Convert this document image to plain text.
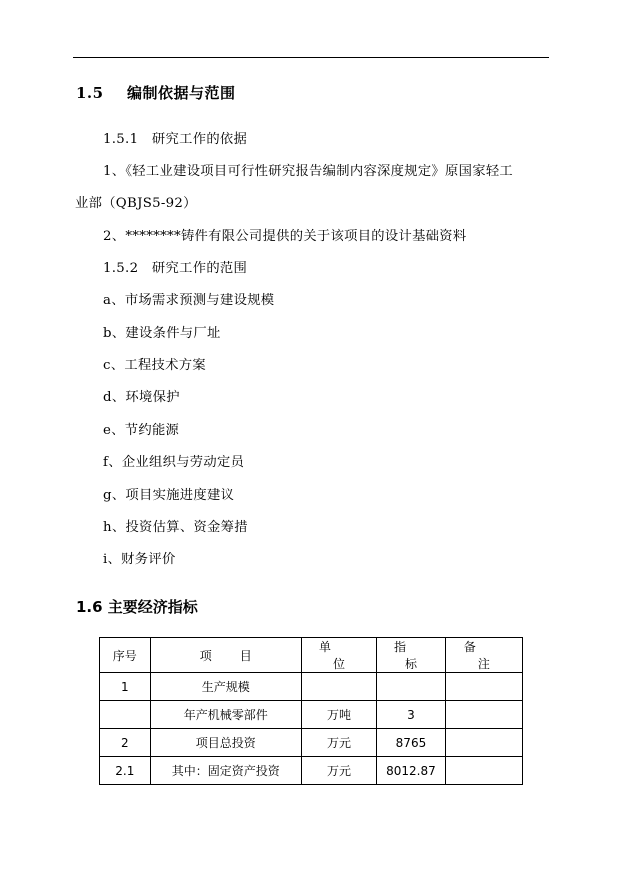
1.5 编制依据与范围
1.5.1　研究工作的依据
1、《轻工业建设项目可行性研究报告编制内容深度规定》原国家轻工
业部（QBJS5-92）
2、********铸件有限公司提供的关于该项目的设计基础资料
1.5.2　研究工作的范围
a、市场需求预测与建设规模
b、建设条件与厂址
c、工程技术方案
d、环境保护
e、节约能源
f、企业组织与劳动定员
g、项目实施进度建议
h、投资估算、资金筹措
i、财务评价
1.6 主要经济指标
序号	项目	单位	指标	备注
1	生产规模			
	年产机械零部件	万吨	3	
2	项目总投资	万元	8765	
2.1	其中：固定资产投资	万元	8012.87	
